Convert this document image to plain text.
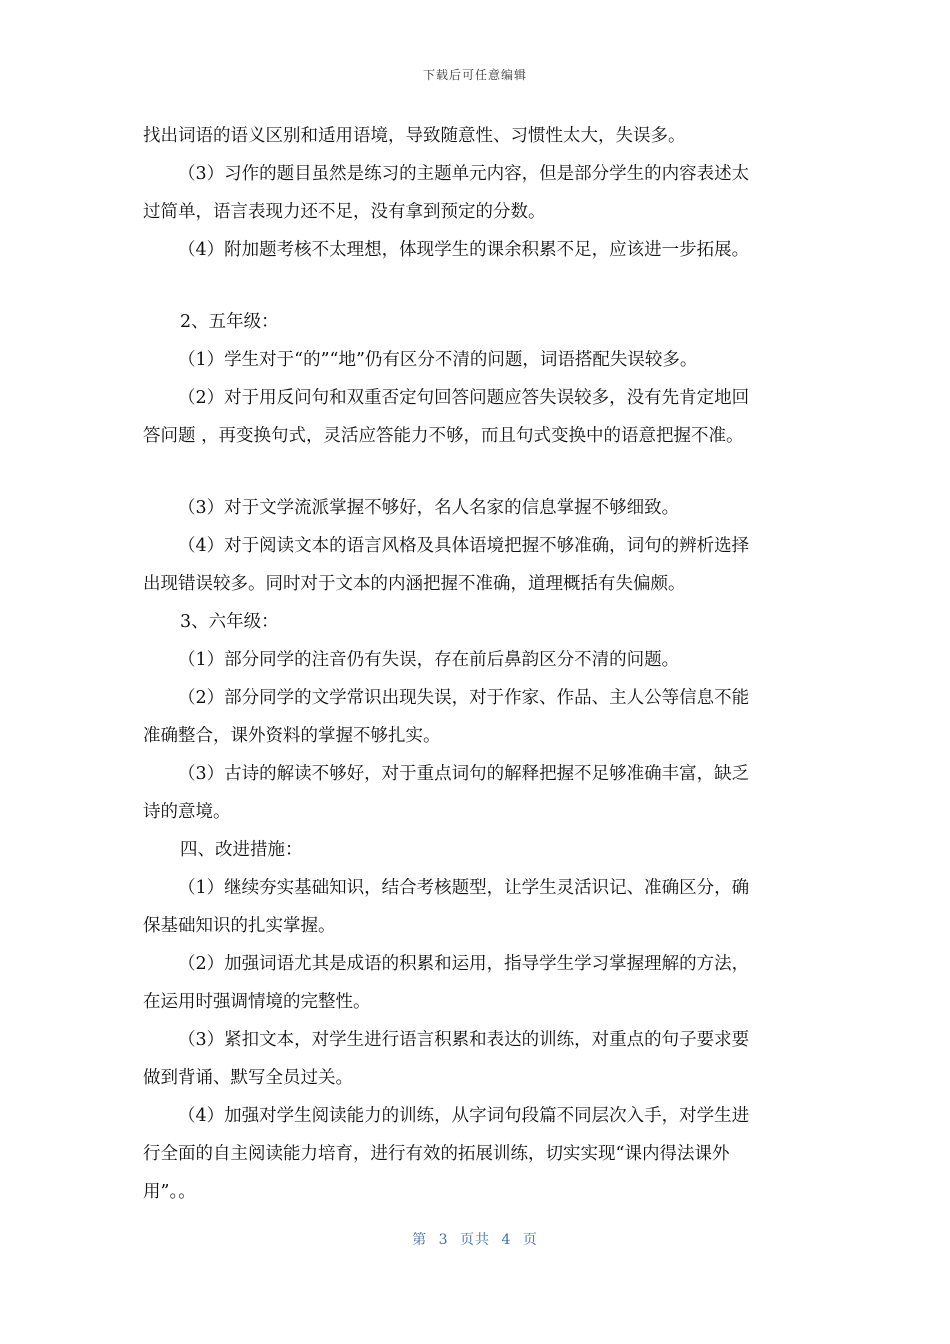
下载后可任意编辑

找出词语的语义区别和适用语境，导致随意性、习惯性太大，失误多。

（3）习作的题目虽然是练习的主题单元内容，但是部分学生的内容表述太

过简单，语言表现力还不足，没有拿到预定的分数。

（4）附加题考核不太理想，体现学生的课余积累不足，应该进一步拓展。

2、五年级：

（1）学生对于“的”“地”仍有区分不清的问题，词语搭配失误较多。

（2）对于用反问句和双重否定句回答问题应答失误较多，没有先肯定地回

答问题 ，再变换句式，灵活应答能力不够，而且句式变换中的语意把握不准。

（3）对于文学流派掌握不够好，名人名家的信息掌握不够细致。

（4）对于阅读文本的语言风格及具体语境把握不够准确，词句的辨析选择

出现错误较多。同时对于文本的内涵把握不准确，道理概括有失偏颇。

3、六年级：

（1）部分同学的注音仍有失误，存在前后鼻韵区分不清的问题。

（2）部分同学的文学常识出现失误，对于作家、作品、主人公等信息不能

准确整合，课外资料的掌握不够扎实。

（3）古诗的解读不够好，对于重点词句的解释把握不足够准确丰富，缺乏

诗的意境。

四、改进措施：

（1）继续夯实基础知识，结合考核题型，让学生灵活识记、准确区分，确

保基础知识的扎实掌握。

（2）加强词语尤其是成语的积累和运用，指导学生学习掌握理解的方法，

在运用时强调情境的完整性。

（3）紧扣文本，对学生进行语言积累和表达的训练，对重点的句子要求要

做到背诵、默写全员过关。

（4）加强对学生阅读能力的训练，从字词句段篇不同层次入手，对学生进

行全面的自主阅读能力培育，进行有效的拓展训练，切实实现“课内得法课外

用”。。

第 3 页共 4 页
